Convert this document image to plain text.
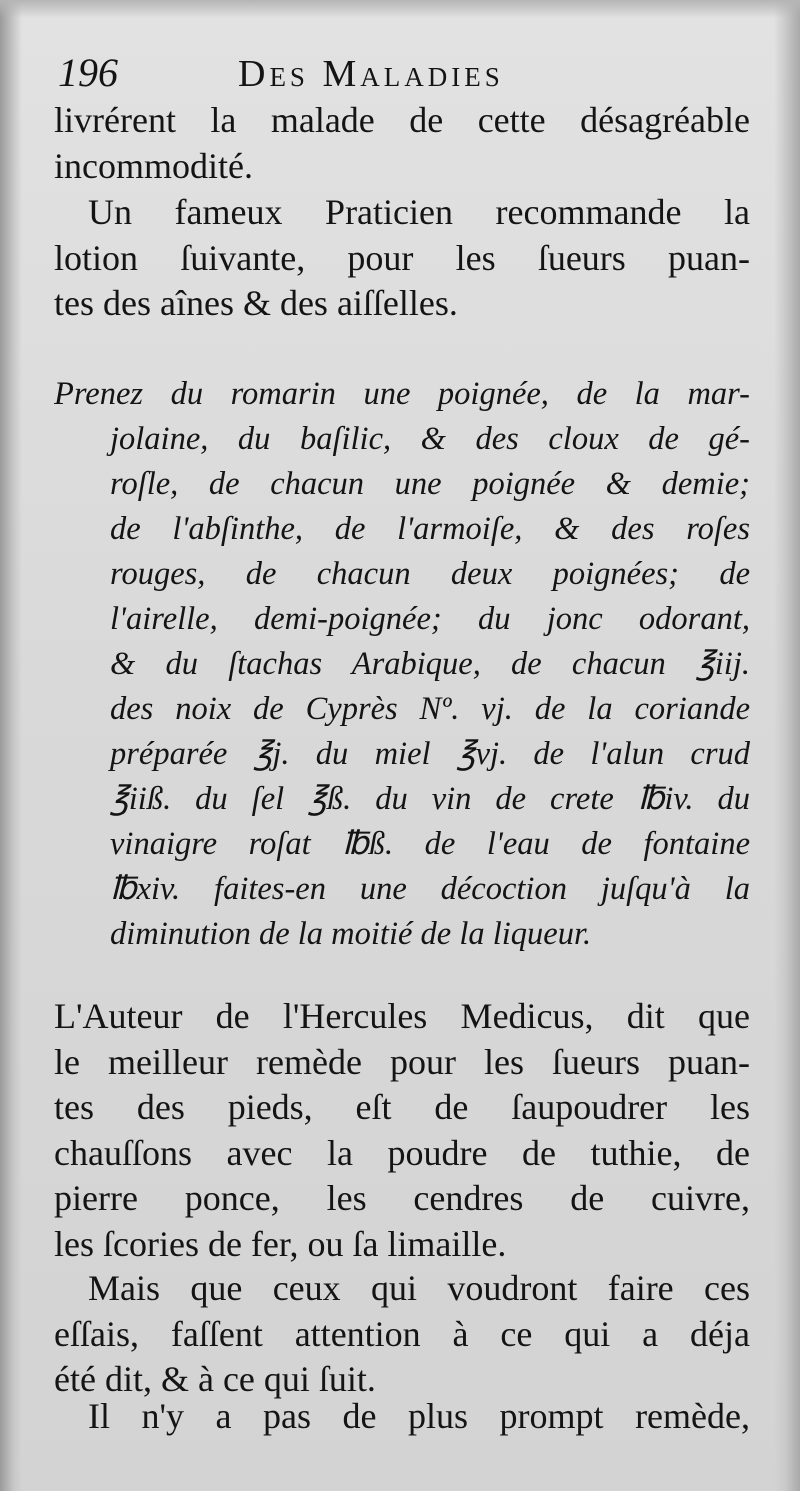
196	Des Maladies
livrérent la malade de cette désagréable
incommodité.
Un fameux Praticien recommande la
lotion ſuivante, pour les ſueurs puan-
tes des aînes & des aiſſelles.
Prenez du romarin une poignée, de la mar-
jolaine, du baſilic, & des cloux de gé-
roſle, de chacun une poignée & demie;
de l'abſinthe, de l'armoiſe, & des roſes
rouges, de chacun deux poignées; de
l'airelle, demi-poignée; du jonc odorant,
& du ſtachas Arabique, de chacun ℥iij.
des noix de Cyprès Nº. vj. de la coriande
préparée ℥j. du miel ℥vj. de l'alun crud
℥iiß. du ſel ℥ß. du vin de crete ℔iv. du
vinaigre roſat ℔ß. de l'eau de fontaine
℔xiv. faites-en une décoction juſqu'à la
diminution de la moitié de la liqueur.
L'Auteur de l'Hercules Medicus, dit que
le meilleur remède pour les ſueurs puan-
tes des pieds, eſt de ſaupoudrer les
chauſſons avec la poudre de tuthie, de
pierre ponce, les cendres de cuivre,
les ſcories de fer, ou ſa limaille.
Mais que ceux qui voudront faire ces
eſſais, faſſent attention à ce qui a déja
été dit, & à ce qui ſuit.
Il n'y a pas de plus prompt remède,
